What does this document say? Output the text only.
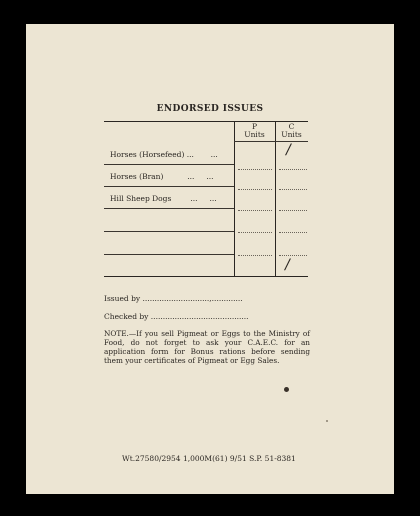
ENDORSED ISSUES
P
Units
C
Units
Horses (Horsefeed) ...       ...
Horses (Bran)          ...     ...
Hill Sheep Dogs        ...     ...
/
/
Issued by ............................,.............
Checked by .........................................
NOTE.—If you sell Pigmeat or Eggs to the Ministry of Food, do not forget to ask your C.A.E.C. for an application form for Bonus rations before sending them your certificates of Pigmeat or Egg Sales.
Wt.27580/2954 1,000M(61) 9/51 S.P. 51-8381
